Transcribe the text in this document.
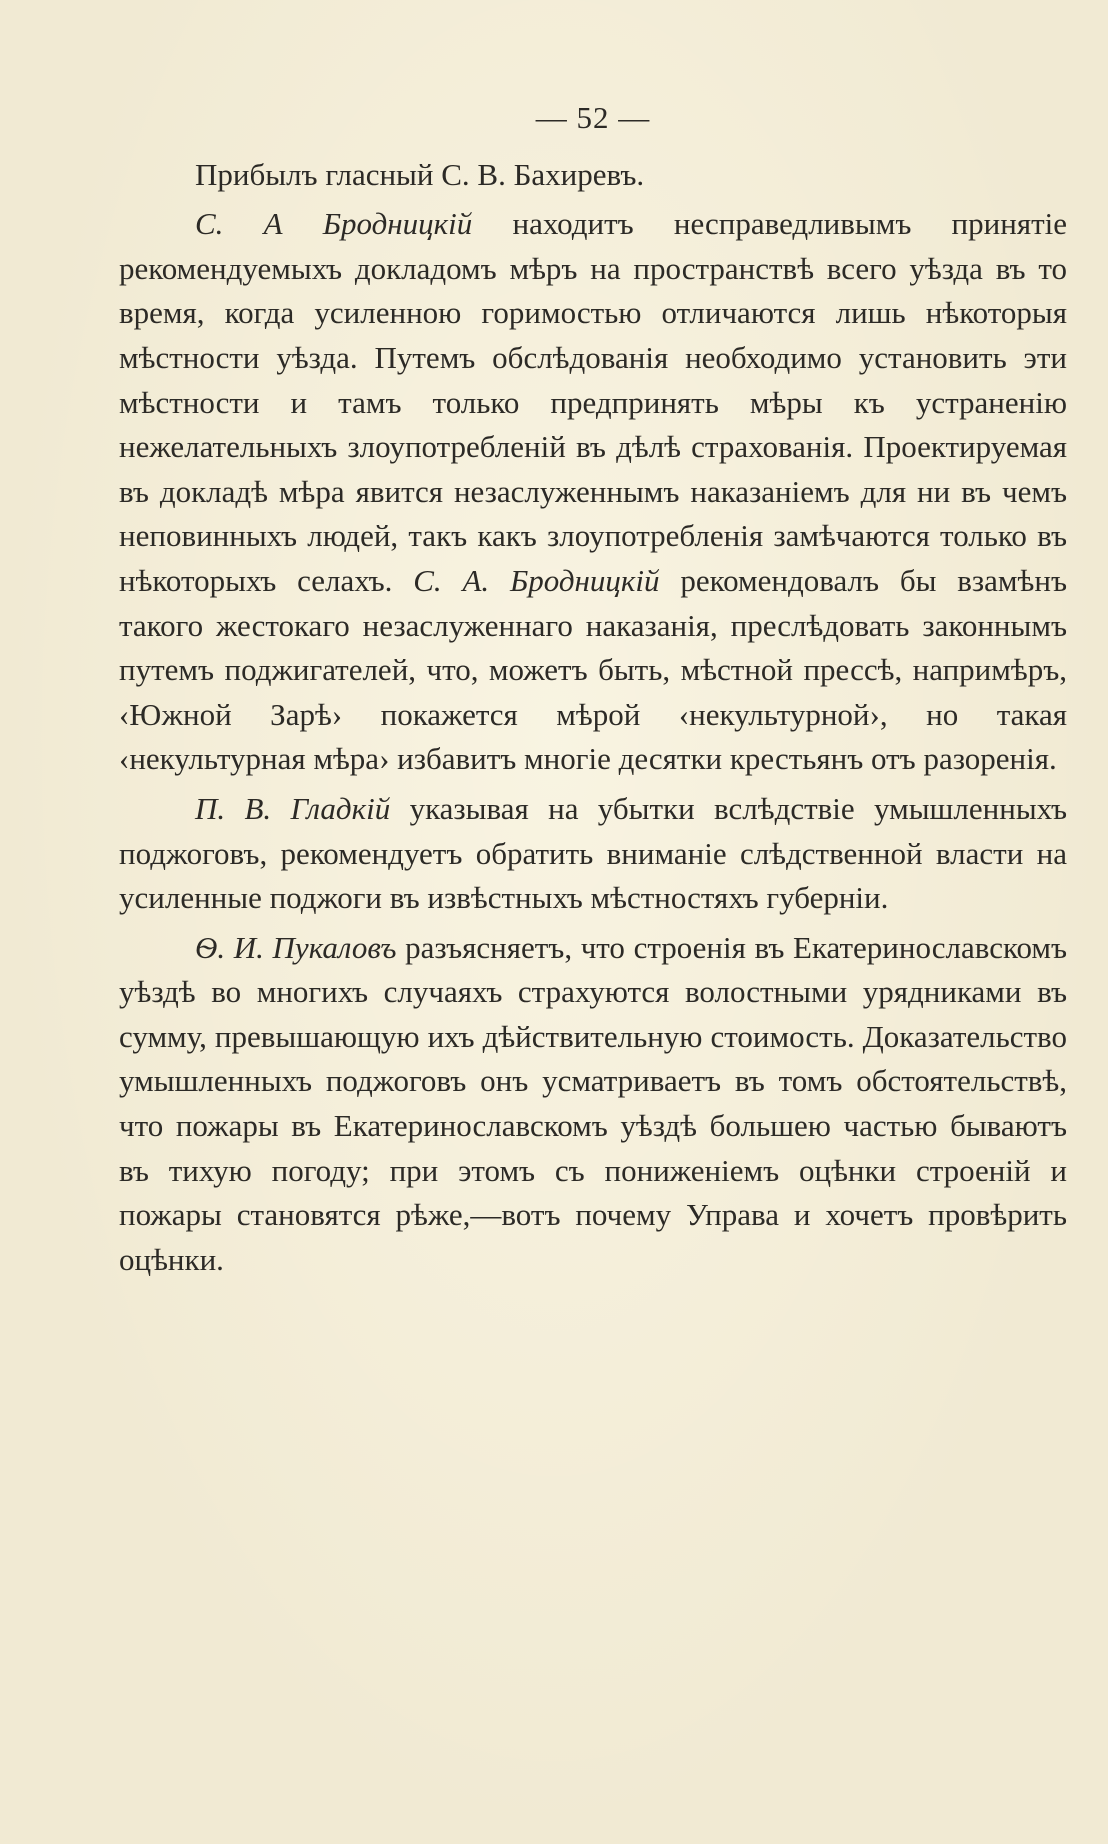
— 52 —

Прибылъ гласный С. В. Бахиревъ.

С. А Бродницкій находитъ несправедливымъ принятіе рекомендуемыхъ докладомъ мѣръ на пространствѣ всего уѣзда въ то время, когда усиленною горимостью отличаются лишь нѣкоторыя мѣстности уѣзда. Путемъ обслѣдованія необходимо установить эти мѣстности и тамъ только предпринять мѣры къ устраненію нежелательныхъ злоупотребленій въ дѣлѣ страхованія. Проектируемая въ докладѣ мѣра явится незаслуженнымъ наказаніемъ для ни въ чемъ неповинныхъ людей, такъ какъ злоупотребленія замѣчаются только въ нѣкоторыхъ селахъ. С. А. Бродницкій рекомендовалъ бы взамѣнъ такого жестокаго незаслуженнаго наказанія, преслѣдовать законнымъ путемъ поджигателей, что, можетъ быть, мѣстной прессѣ, напримѣръ, ‹Южной Зарѣ› покажется мѣрой ‹некультурной›, но такая ‹некультурная мѣра› избавитъ многіе десятки крестьянъ отъ разоренія.

П. В. Гладкій указывая на убытки вслѣдствіе умышленныхъ поджоговъ, рекомендуетъ обратить вниманіе слѣдственной власти на усиленные поджоги въ извѣстныхъ мѣстностяхъ губерніи.

Ѳ. И. Пукаловъ разъясняетъ, что строенія въ Екатеринославскомъ уѣздѣ во многихъ случаяхъ страхуются волостными урядниками въ сумму, превышающую ихъ дѣйствительную стоимость. Доказательство умышленныхъ поджоговъ онъ усматриваетъ въ томъ обстоятельствѣ, что пожары въ Екатеринославскомъ уѣздѣ большею частью бываютъ въ тихую погоду; при этомъ съ пониженіемъ оцѣнки строеній и пожары становятся рѣже,—вотъ почему Управа и хочетъ провѣрить оцѣнки.
